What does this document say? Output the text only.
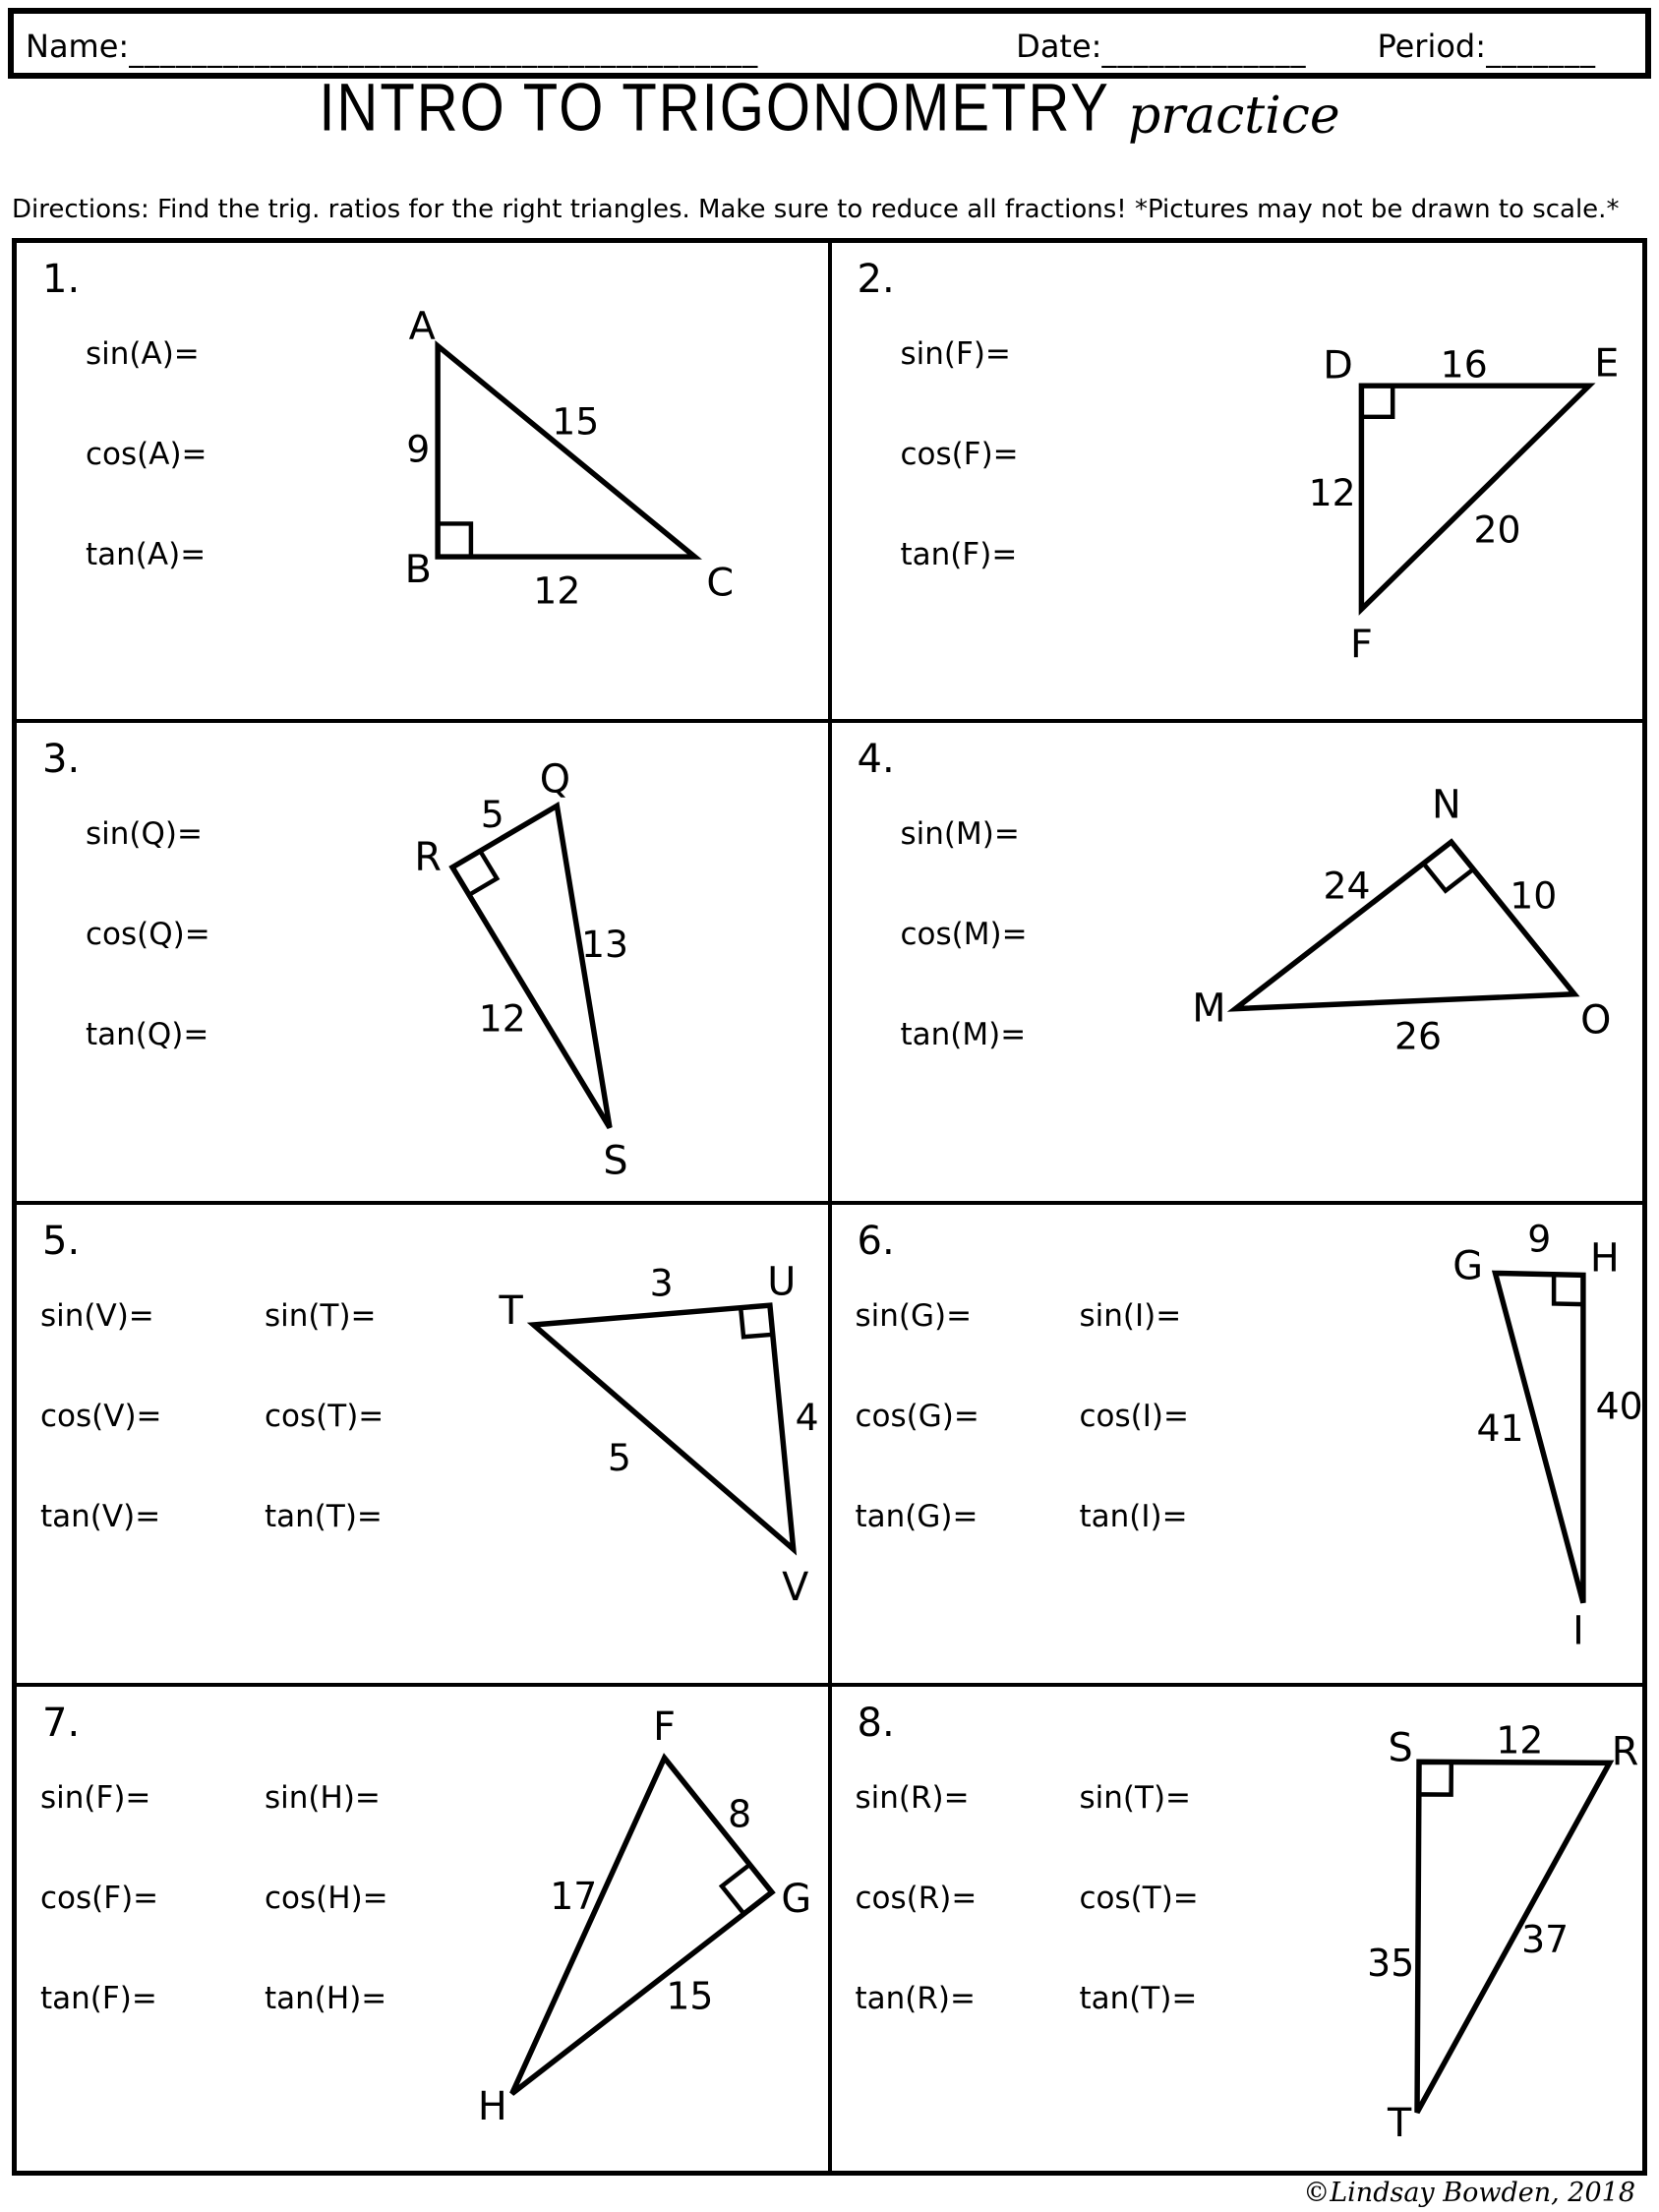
Name: ________________________________________	Date: _____________	Period: _______
INTRO TO TRIGONOMETRY practice
Directions: Find the trig. ratios for the right triangles. Make sure to reduce all fractions! *Pictures may not be drawn to scale.*
1.
sin(A)=
cos(A)=
tan(A)=
A
B	C
9
15
12
2.
sin(F)=
cos(F)=
tan(F)=
D	E
F
16
12
20
3.
sin(Q)=
cos(Q)=
tan(Q)=
Q
R
S
5
13
12
4.
sin(M)=
cos(M)=
tan(M)=
M
N
O
24	10
26
5.
sin(V)=
cos(V)=
tan(V)=
sin(T)=
cos(T)=
tan(T)=
T
U
V
3
4
5
6.
sin(G)=
cos(G)=
tan(G)=
sin(I)=
cos(I)=
tan(I)=
G	H
I
9
40
41
7.
sin(F)=
cos(F)=
tan(F)=
sin(H)=
cos(H)=
tan(H)=
F
G
H
8
17
15
8.
sin(R)=
cos(R)=
tan(R)=
sin(T)=
cos(T)=
tan(T)=
S	R
T
12
35
37
©Lindsay Bowden, 2018
